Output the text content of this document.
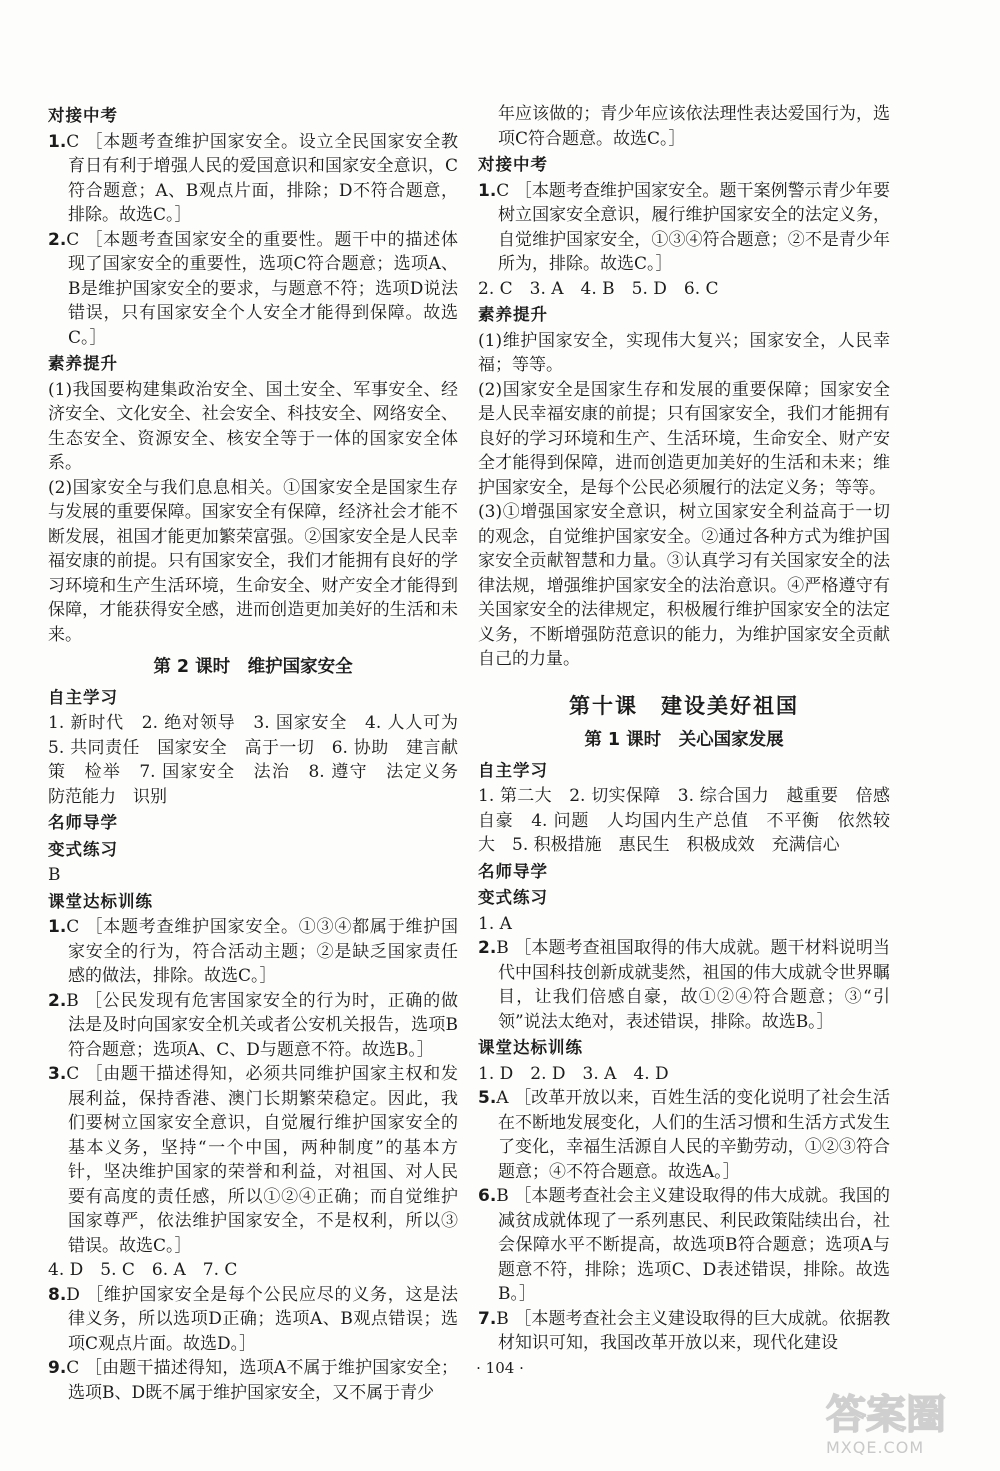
对接中考

1.C ［本题考查维护国家安全。设立全民国家安全教育日有利于增强人民的爱国意识和国家安全意识，C符合题意；A、B观点片面，排除；D不符合题意，排除。故选C。］

2.C ［本题考查国家安全的重要性。题干中的描述体现了国家安全的重要性，选项C符合题意；选项A、B是维护国家安全的要求，与题意不符；选项D说法错误，只有国家安全个人安全才能得到保障。故选C。］

素养提升

(1)我国要构建集政治安全、国土安全、军事安全、经济安全、文化安全、社会安全、科技安全、网络安全、生态安全、资源安全、核安全等于一体的国家安全体系。

(2)国家安全与我们息息相关。①国家安全是国家生存与发展的重要保障。国家安全有保障，经济社会才能不断发展，祖国才能更加繁荣富强。②国家安全是人民幸福安康的前提。只有国家安全，我们才能拥有良好的学习环境和生产生活环境，生命安全、财产安全才能得到保障，才能获得安全感，进而创造更加美好的生活和未来。

第 2 课时　维护国家安全
自主学习

1. 新时代　2. 绝对领导　3. 国家安全　4. 人人可为　5. 共同责任　国家安全　高于一切　6. 协助　建言献策　检举　7. 国家安全　法治　8. 遵守　法定义务　防范能力　识别

名师导学
变式练习

B

课堂达标训练

1.C ［本题考查维护国家安全。①③④都属于维护国家安全的行为，符合活动主题；②是缺乏国家责任感的做法，排除。故选C。］

2.B ［公民发现有危害国家安全的行为时，正确的做法是及时向国家安全机关或者公安机关报告，选项B符合题意；选项A、C、D与题意不符。故选B。］

3.C ［由题干描述得知，必须共同维护国家主权和发展利益，保持香港、澳门长期繁荣稳定。因此，我们要树立国家安全意识，自觉履行维护国家安全的基本义务，坚持“一个中国，两种制度”的基本方针，坚决维护国家的荣誉和利益，对祖国、对人民要有高度的责任感，所以①②④正确；而自觉维护国家尊严，依法维护国家安全，不是权利，所以③错误。故选C。］

4. D　5. C　6. A　7. C

8.D ［维护国家安全是每个公民应尽的义务，这是法律义务，所以选项D正确；选项A、B观点错误；选项C观点片面。故选D。］

9.C ［由题干描述得知，选项A不属于维护国家安全；选项B、D既不属于维护国家安全，又不属于青少

年应该做的；青少年应该依法理性表达爱国行为，选项C符合题意。故选C。］

对接中考

1.C ［本题考查维护国家安全。题干案例警示青少年要树立国家安全意识，履行维护国家安全的法定义务，自觉维护国家安全，①③④符合题意；②不是青少年所为，排除。故选C。］

2. C　3. A　4. B　5. D　6. C

素养提升

(1)维护国家安全，实现伟大复兴；国家安全，人民幸福；等等。

(2)国家安全是国家生存和发展的重要保障；国家安全是人民幸福安康的前提；只有国家安全，我们才能拥有良好的学习环境和生产、生活环境，生命安全、财产安全才能得到保障，进而创造更加美好的生活和未来；维护国家安全，是每个公民必须履行的法定义务；等等。

(3)①增强国家安全意识，树立国家安全利益高于一切的观念，自觉维护国家安全。②通过各种方式为维护国家安全贡献智慧和力量。③认真学习有关国家安全的法律法规，增强维护国家安全的法治意识。④严格遵守有关国家安全的法律规定，积极履行维护国家安全的法定义务，不断增强防范意识的能力，为维护国家安全贡献自己的力量。

第十课　建设美好祖国
第 1 课时　关心国家发展
自主学习

1. 第二大　2. 切实保障　3. 综合国力　越重要　倍感自豪　4. 问题　人均国内生产总值　不平衡　依然较大　5. 积极措施　惠民生　积极成效　充满信心

名师导学
变式练习

1. A

2.B ［本题考查祖国取得的伟大成就。题干材料说明当代中国科技创新成就斐然，祖国的伟大成就令世界瞩目，让我们倍感自豪，故①②④符合题意；③“引领”说法太绝对，表述错误，排除。故选B。］

课堂达标训练

1. D　2. D　3. A　4. D

5.A ［改革开放以来，百姓生活的变化说明了社会生活在不断地发展变化，人们的生活习惯和生活方式发生了变化，幸福生活源自人民的辛勤劳动，①②③符合题意；④不符合题意。故选A。］

6.B ［本题考查社会主义建设取得的伟大成就。我国的减贫成就体现了一系列惠民、利民政策陆续出台，社会保障水平不断提高，故选项B符合题意；选项A与题意不符，排除；选项C、D表述错误，排除。故选B。］

7.B ［本题考查社会主义建设取得的巨大成就。依据教材知识可知，我国改革开放以来，现代化建设

· 104 ·
答案圈
MXQE.COM
